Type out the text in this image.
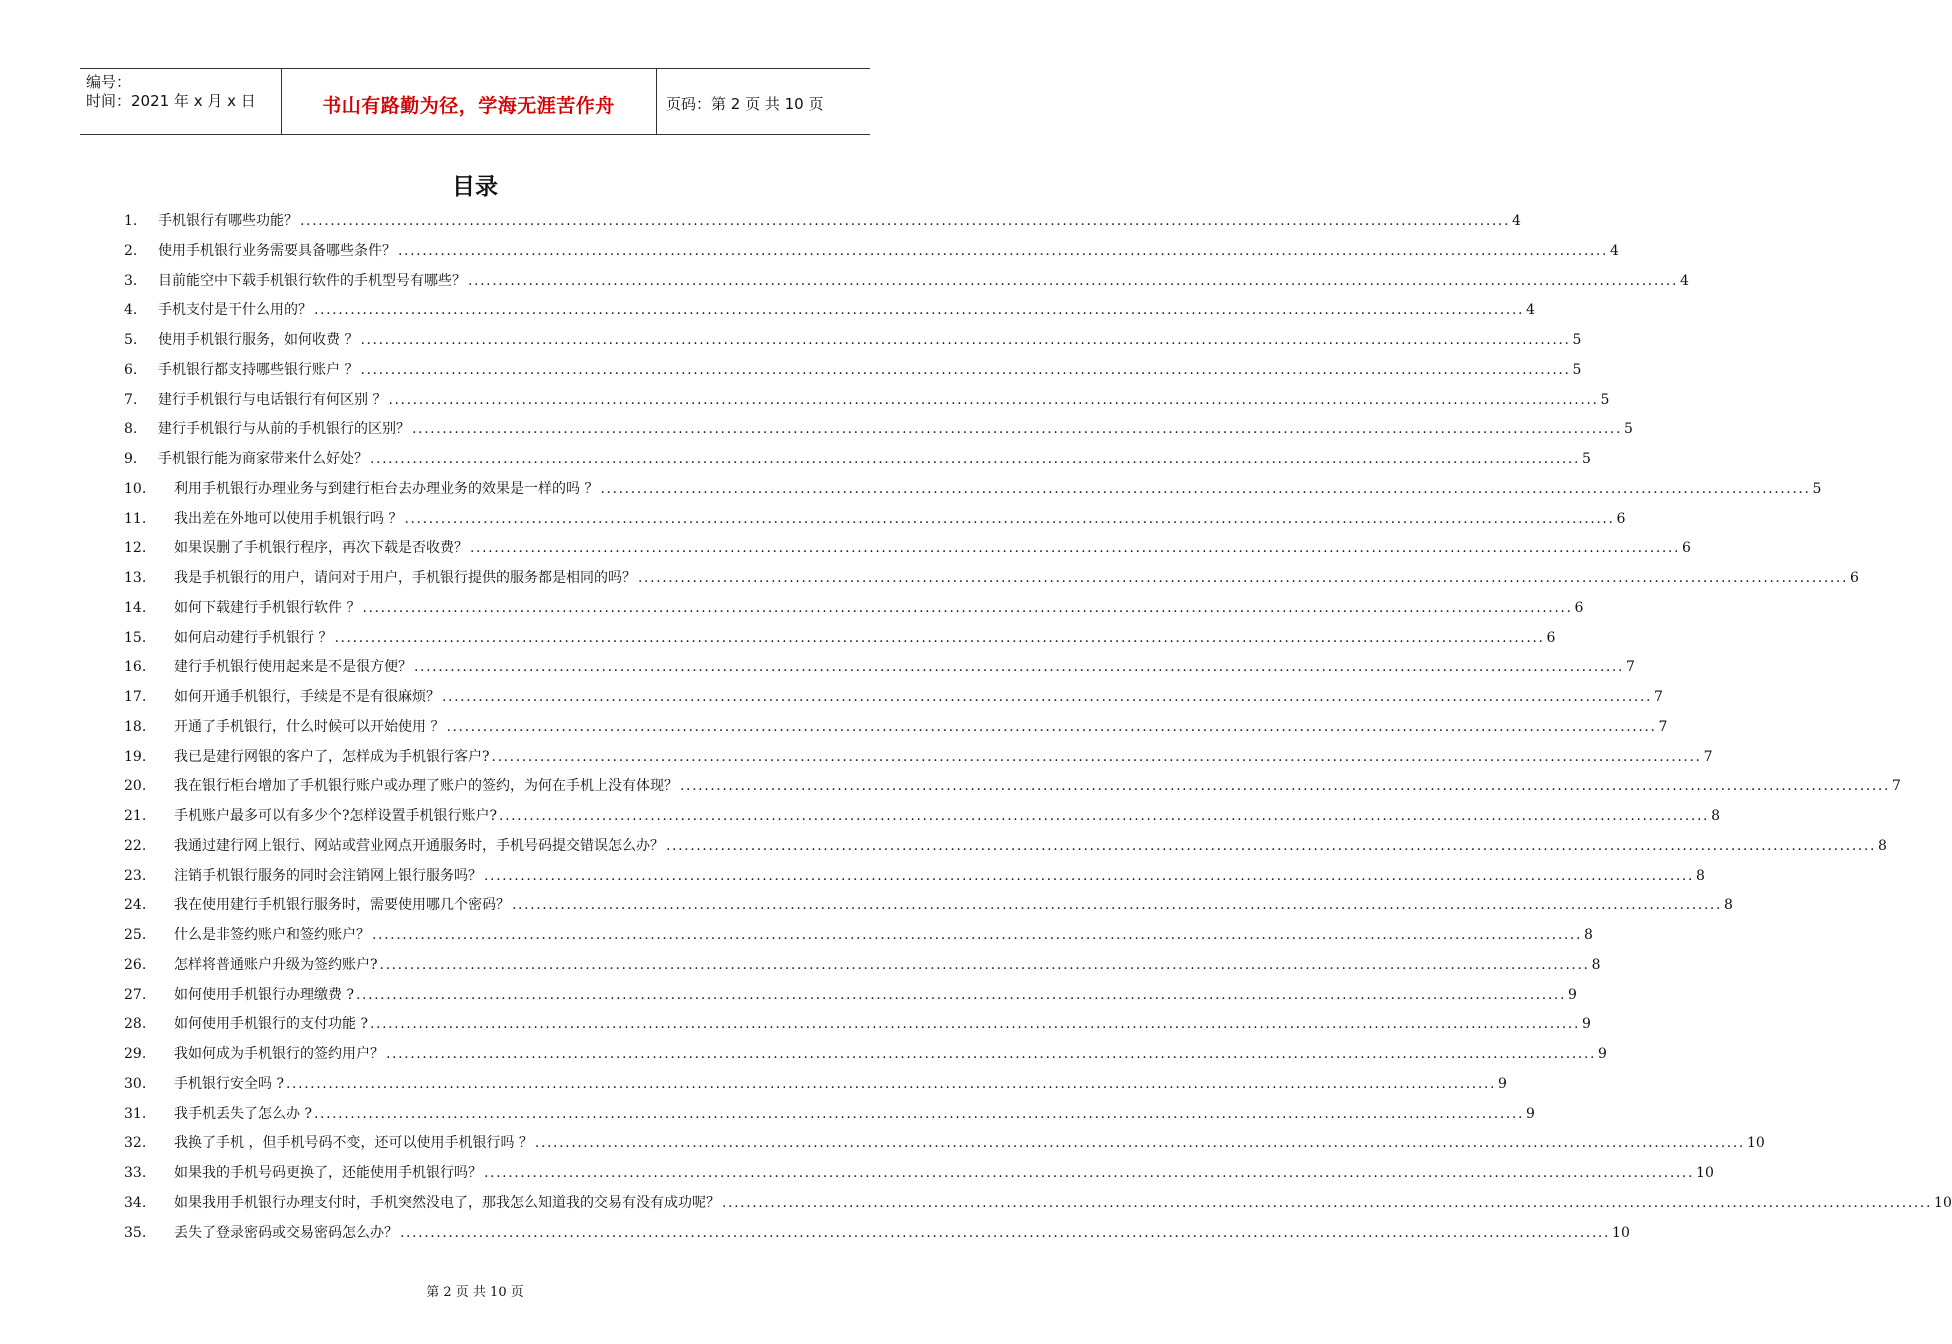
编号：
时间：2021 年 x 月 x 日	书山有路勤为径，学海无涯苦作舟	页码：第 2 页 共 10 页
目录
1.	手机银行有哪些功能？ ........................................................................................................................................................................................................ 4
2.	使用手机银行业务需要具备哪些条件？ ........................................................................................................................................................................................................ 4
3.	目前能空中下载手机银行软件的手机型号有哪些？ ........................................................................................................................................................................................................ 4
4.	手机支付是干什么用的？ ........................................................................................................................................................................................................ 4
5.	使用手机银行服务，如何收费 ？ ........................................................................................................................................................................................................ 5
6.	手机银行都支持哪些银行账户 ？ ........................................................................................................................................................................................................ 5
7.	建行手机银行与电话银行有何区别 ？ ........................................................................................................................................................................................................ 5
8.	建行手机银行与从前的手机银行的区别？ ........................................................................................................................................................................................................ 5
9.	手机银行能为商家带来什么好处？ ........................................................................................................................................................................................................ 5
10.	利用手机银行办理业务与到建行柜台去办理业务的效果是一样的吗 ？ ........................................................................................................................................................................................................ 5
11.	我出差在外地可以使用手机银行吗 ？ ........................................................................................................................................................................................................ 6
12.	如果误删了手机银行程序，再次下载是否收费？ ........................................................................................................................................................................................................ 6
13.	我是手机银行的用户，请问对于用户，手机银行提供的服务都是相同的吗？ ........................................................................................................................................................................................................ 6
14.	如何下载建行手机银行软件 ？ ........................................................................................................................................................................................................ 6
15.	如何启动建行手机银行 ？ ........................................................................................................................................................................................................ 6
16.	建行手机银行使用起来是不是很方便？ ........................................................................................................................................................................................................ 7
17.	如何开通手机银行，手续是不是有很麻烦？ ........................................................................................................................................................................................................ 7
18.	开通了手机银行，什么时候可以开始使用 ？ ........................................................................................................................................................................................................ 7
19.	我已是建行网银的客户了，怎样成为手机银行客户? ........................................................................................................................................................................................................ 7
20.	我在银行柜台增加了手机银行账户或办理了账户的签约，为何在手机上没有体现？ ........................................................................................................................................................................................................ 7
21.	手机账户最多可以有多少个?怎样设置手机银行账户? ........................................................................................................................................................................................................ 8
22.	我通过建行网上银行、网站或营业网点开通服务时，手机号码提交错误怎么办？ ........................................................................................................................................................................................................ 8
23.	注销手机银行服务的同时会注销网上银行服务吗？ ........................................................................................................................................................................................................ 8
24.	我在使用建行手机银行服务时，需要使用哪几个密码？ ........................................................................................................................................................................................................ 8
25.	什么是非签约账户和签约账户？ ........................................................................................................................................................................................................ 8
26.	怎样将普通账户升级为签约账户? ........................................................................................................................................................................................................ 8
27.	如何使用手机银行办理缴费 ? ........................................................................................................................................................................................................ 9
28.	如何使用手机银行的支付功能 ? ........................................................................................................................................................................................................ 9
29.	我如何成为手机银行的签约用户？ ........................................................................................................................................................................................................ 9
30.	手机银行安全吗 ? ........................................................................................................................................................................................................ 9
31.	我手机丢失了怎么办 ? ........................................................................................................................................................................................................ 9
32.	我换了手机 ，但手机号码不变，还可以使用手机银行吗 ？ ........................................................................................................................................................................................................ 10
33.	如果我的手机号码更换了，还能使用手机银行吗？ ........................................................................................................................................................................................................ 10
34.	如果我用手机银行办理支付时，手机突然没电了，那我怎么知道我的交易有没有成功呢？ ........................................................................................................................................................................................................ 10
35.	丢失了登录密码或交易密码怎么办？ ........................................................................................................................................................................................................ 10
第 2 页 共 10 页
